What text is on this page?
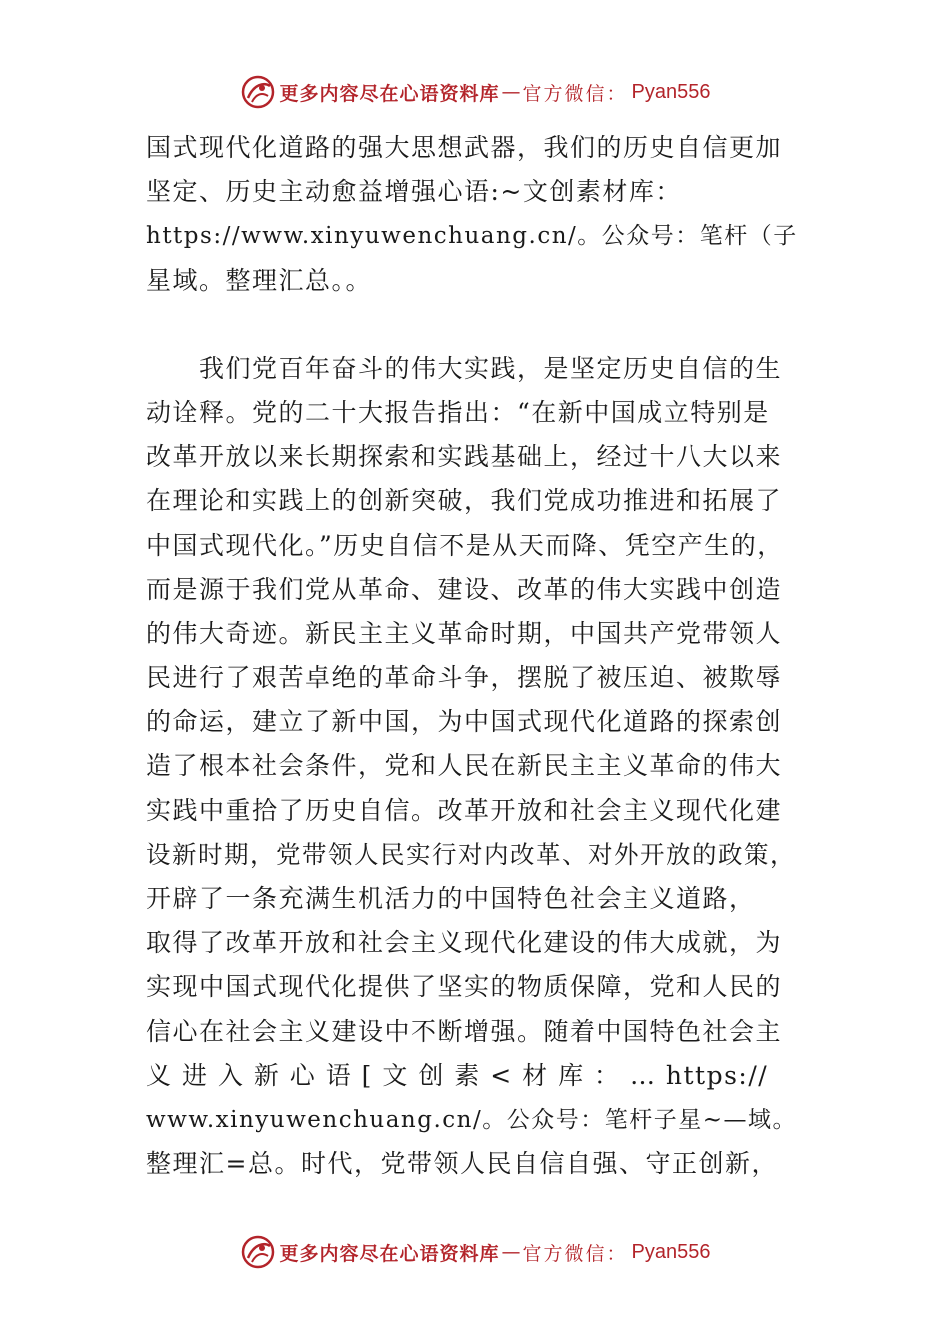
更多内容尽在心语资料库 — 官方微信： Pyan556
国式现代化道路的强大思想武器，我们的历史自信更加
坚定、历史主动愈益增强心语:~文创素材库：
https://www.xinyuwenchuang.cn/。公众号：笔杆（子
星域。整理汇总。。
　　我们党百年奋斗的伟大实践，是坚定历史自信的生
动诠释。党的二十大报告指出：“在新中国成立特别是
改革开放以来长期探索和实践基础上，经过十八大以来
在理论和实践上的创新突破，我们党成功推进和拓展了
中国式现代化。”历史自信不是从天而降、凭空产生的，
而是源于我们党从革命、建设、改革的伟大实践中创造
的伟大奇迹。新民主主义革命时期，中国共产党带领人
民进行了艰苦卓绝的革命斗争，摆脱了被压迫、被欺辱
的命运，建立了新中国，为中国式现代化道路的探索创
造了根本社会条件，党和人民在新民主主义革命的伟大
实践中重拾了历史自信。改革开放和社会主义现代化建
设新时期，党带领人民实行对内改革、对外开放的政策，
开辟了一条充满生机活力的中国特色社会主义道路，
取得了改革开放和社会主义现代化建设的伟大成就，为
实现中国式现代化提供了坚实的物质保障，党和人民的
信心在社会主义建设中不断增强。随着中国特色社会主
义 进 入 新 心 语 [ 文 创 素 < 材 库 ： … https://
www.xinyuwenchuang.cn/。公众号：笔杆子星~—域。
整理汇=总。时代，党带领人民自信自强、守正创新，
更多内容尽在心语资料库 — 官方微信： Pyan556
